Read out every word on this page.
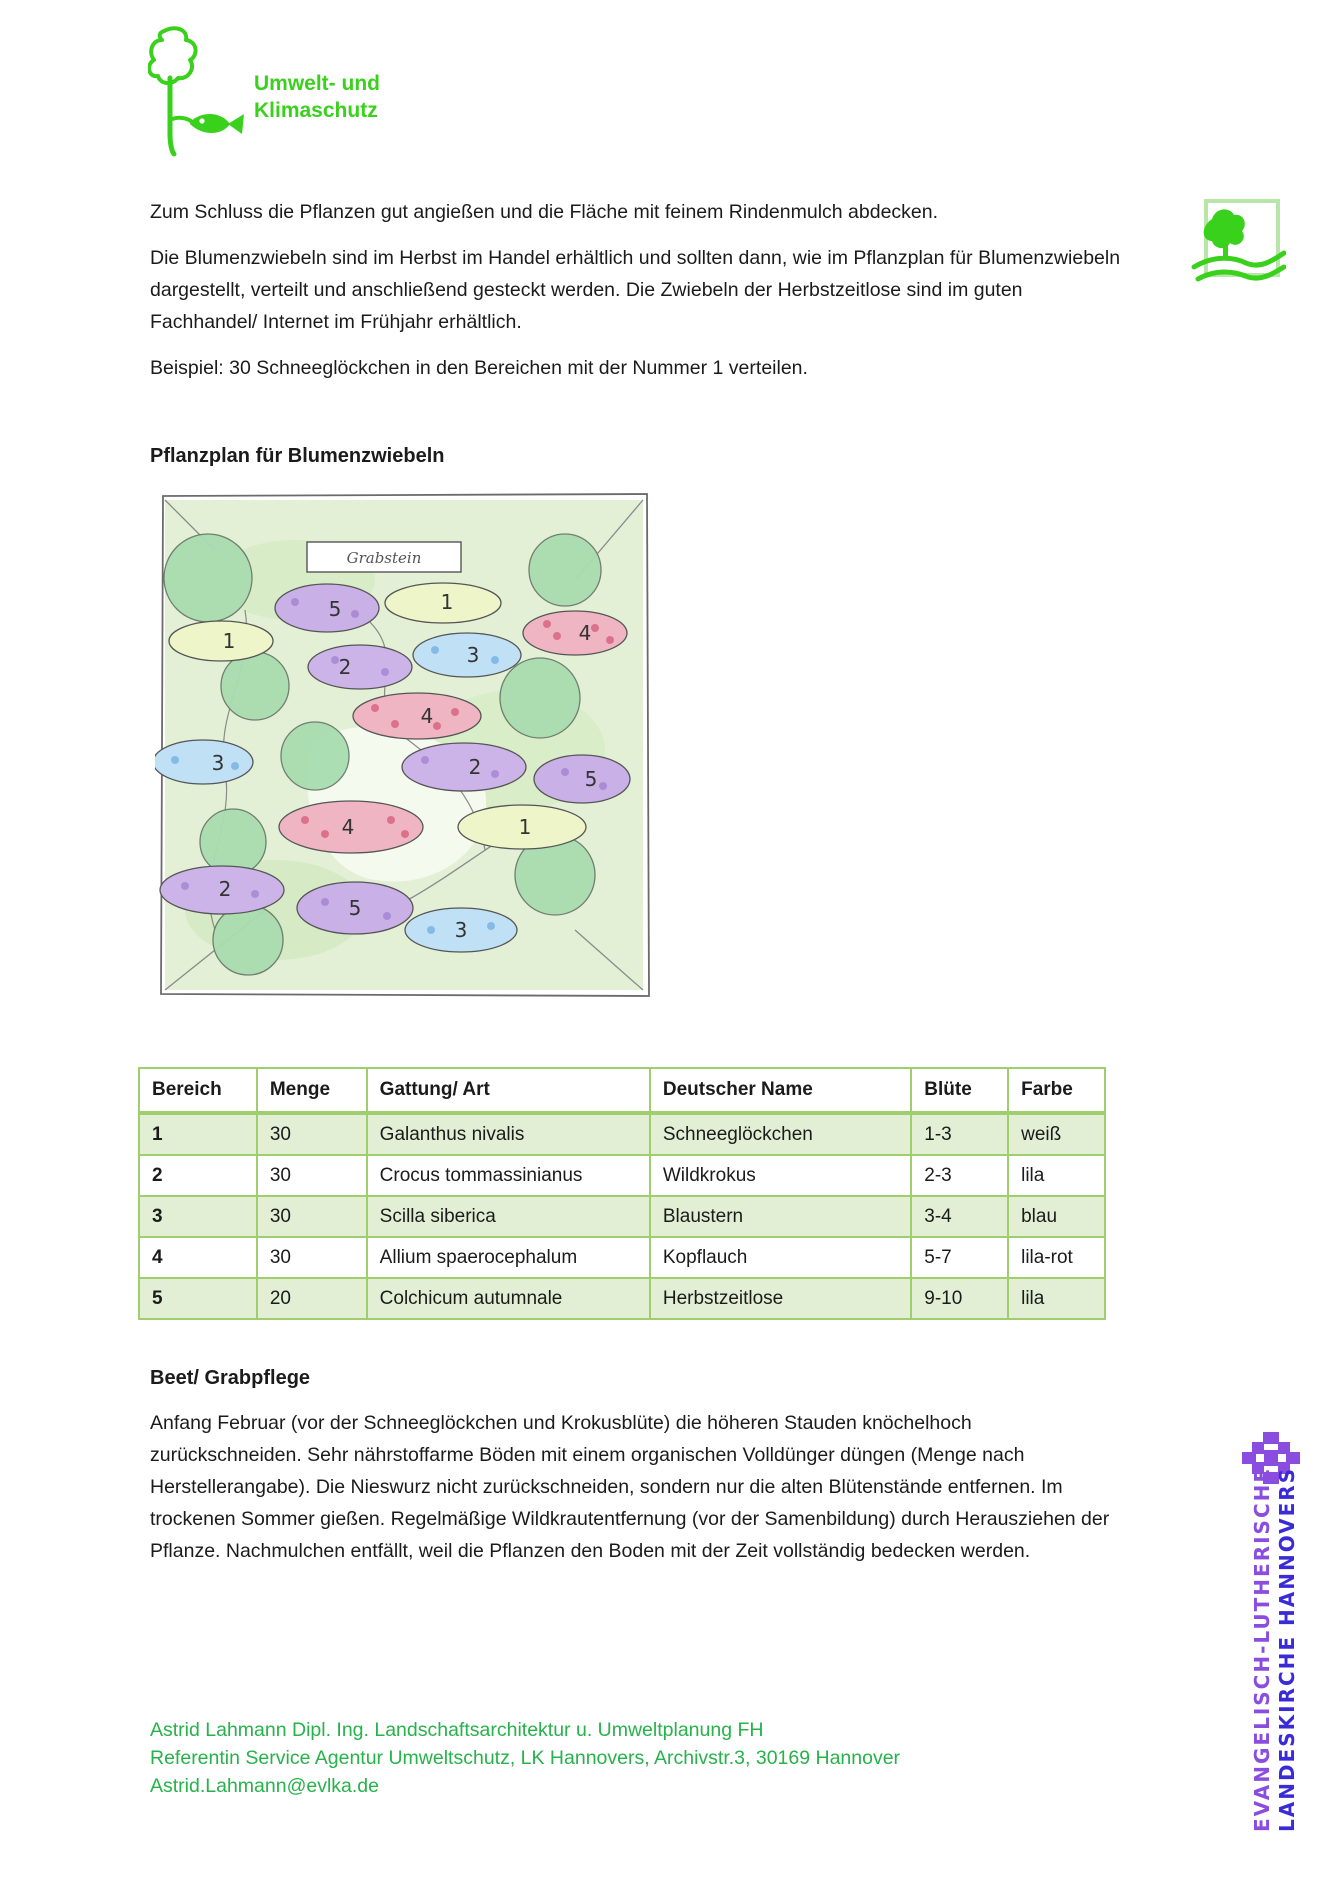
Umwelt- und
Klimaschutz

Zum Schluss die Pflanzen gut angießen und die Fläche mit feinem Rindenmulch abdecken.

Die Blumenzwiebeln sind im Herbst im Handel erhältlich und sollten dann, wie im Pflanzplan für Blumenzwiebeln dargestellt, verteilt und anschließend gesteckt werden. Die Zwiebeln der Herbstzeitlose sind im guten Fachhandel/ Internet im Frühjahr erhältlich.

Beispiel: 30 Schneeglöckchen in den Bereichen mit der Nummer 1 verteilen.

Pflanzplan für Blumenzwiebeln
Grabstein
5	1
4
1
3
2
4
3	2	5
4	1
2
5
3
Bereich	Menge	Gattung/ Art	Deutscher Name	Blüte	Farbe
1	30	Galanthus nivalis	Schneeglöckchen	1-3	weiß
2	30	Crocus tommassinianus	Wildkrokus	2-3	lila
3	30	Scilla siberica	Blaustern	3-4	blau
4	30	Allium spaerocephalum	Kopflauch	5-7	lila-rot
5	20	Colchicum autumnale	Herbstzeitlose	9-10	lila
Beet/ Grabpflege
Anfang Februar (vor der Schneeglöckchen und Krokusblüte) die höheren Stauden knöchelhoch zurückschneiden. Sehr nährstoffarme Böden mit einem organischen Volldünger düngen (Menge nach Herstellerangabe). Die Nieswurz nicht zurückschneiden, sondern nur die alten Blütenstände entfernen. Im trockenen Sommer gießen. Regelmäßige Wildkrautentfernung (vor der Samenbildung) durch Herausziehen der Pflanze. Nachmulchen entfällt, weil die Pflanzen den Boden mit der Zeit vollständig bedecken werden.
Astrid Lahmann Dipl. Ing. Landschaftsarchitektur u. Umweltplanung FH
Referentin Service Agentur Umweltschutz, LK Hannovers, Archivstr.3, 30169 Hannover
Astrid.Lahmann@evlka.de	EVANGELISCH-LUTHERISCHE LANDESKIRCHE HANNOVERS
